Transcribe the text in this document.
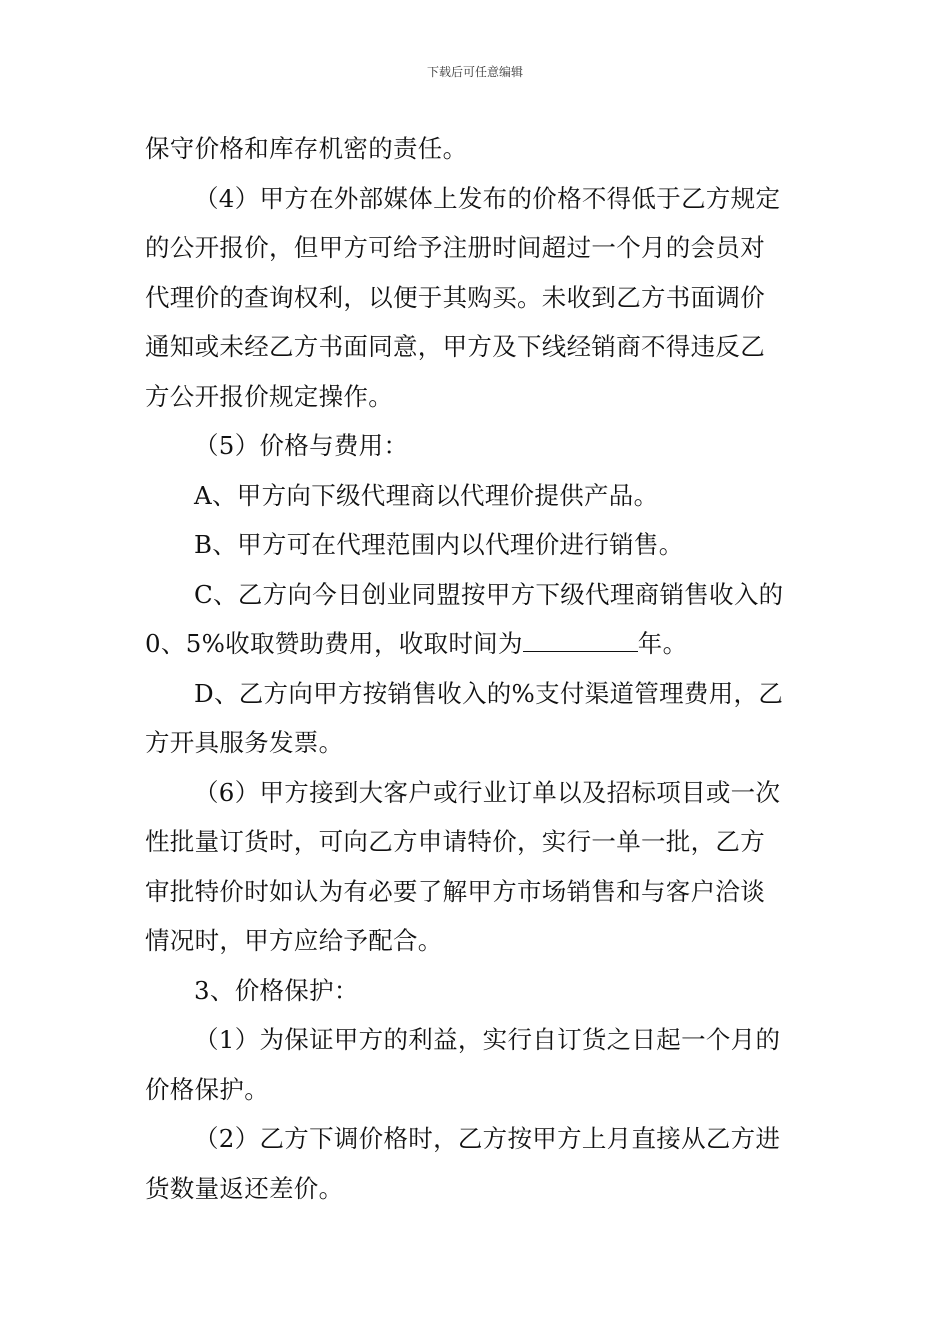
下载后可任意编辑
保守价格和库存机密的责任。
（4）甲方在外部媒体上发布的价格不得低于乙方规定
的公开报价，但甲方可给予注册时间超过一个月的会员对
代理价的查询权利，以便于其购买。未收到乙方书面调价
通知或未经乙方书面同意，甲方及下线经销商不得违反乙
方公开报价规定操作。
（5）价格与费用：
A、甲方向下级代理商以代理价提供产品。
B、甲方可在代理范围内以代理价进行销售。
C、乙方向今日创业同盟按甲方下级代理商销售收入的
0、5%收取赞助费用，收取时间为	年。
D、乙方向甲方按销售收入的%支付渠道管理费用，乙
方开具服务发票。
（6）甲方接到大客户或行业订单以及招标项目或一次
性批量订货时，可向乙方申请特价，实行一单一批，乙方
审批特价时如认为有必要了解甲方市场销售和与客户洽谈
情况时，甲方应给予配合。
3、价格保护：
（1）为保证甲方的利益，实行自订货之日起一个月的
价格保护。
（2）乙方下调价格时，乙方按甲方上月直接从乙方进
货数量返还差价。
